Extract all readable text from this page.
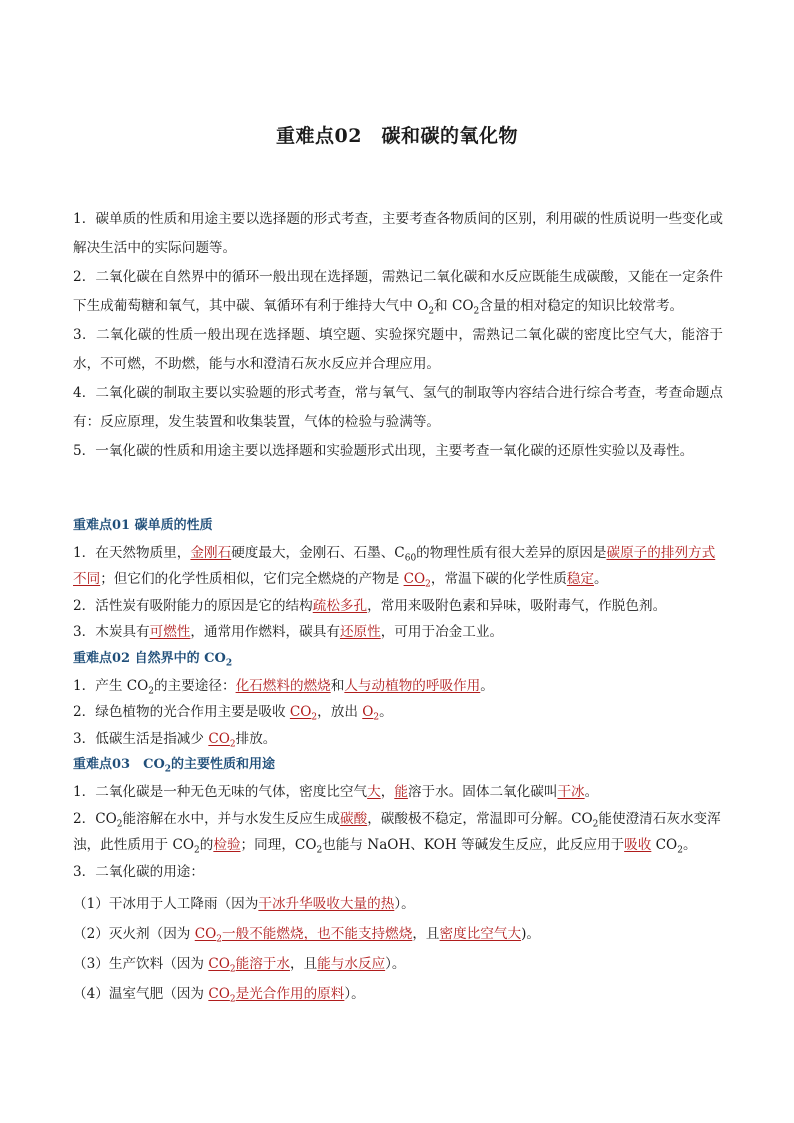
重难点02　碳和碳的氧化物

1．碳单质的性质和用途主要以选择题的形式考查，主要考查各物质间的区别，利用碳的性质说明一些变化或解决生活中的实际问题等。

2．二氧化碳在自然界中的循环一般出现在选择题，需熟记二氧化碳和水反应既能生成碳酸，又能在一定条件下生成葡萄糖和氧气，其中碳、氧循环有利于维持大气中 $O_2$和 $CO_2$含量的相对稳定的知识比较常考。

3．二氧化碳的性质一般出现在选择题、填空题、实验探究题中，需熟记二氧化碳的密度比空气大，能溶于水，不可燃，不助燃，能与水和澄清石灰水反应并合理应用。

4．二氧化碳的制取主要以实验题的形式考查，常与氧气、氢气的制取等内容结合进行综合考查，考查命题点有：反应原理，发生装置和收集装置，气体的检验与验满等。

5．一氧化碳的性质和用途主要以选择题和实验题形式出现，主要考查一氧化碳的还原性实验以及毒性。

重难点01 碳单质的性质

1．在天然物质里，金刚石硬度最大，金刚石、石墨、$C_{60}$的物理性质有很大差异的原因是碳原子的排列方式不同；但它们的化学性质相似，它们完全燃烧的产物是 $CO_2$，常温下碳的化学性质稳定。

2．活性炭有吸附能力的原因是它的结构疏松多孔，常用来吸附色素和异味，吸附毒气，作脱色剂。

3．木炭具有可燃性，通常用作燃料，碳具有还原性，可用于冶金工业。

重难点02 自然界中的 $CO_2$

1．产生 $CO_2$的主要途径：化石燃料的燃烧和人与动植物的呼吸作用。

2．绿色植物的光合作用主要是吸收 $CO_2$，放出 $O_2$。

3．低碳生活是指减少 $CO_2$排放。

重难点03　$CO_2$的主要性质和用途

1．二氧化碳是一种无色无味的气体，密度比空气大，能溶于水。固体二氧化碳叫干冰。

2．$CO_2$能溶解在水中，并与水发生反应生成碳酸，碳酸极不稳定，常温即可分解。$CO_2$能使澄清石灰水变浑浊，此性质用于 $CO_2$的检验；同理，$CO_2$也能与 NaOH、KOH 等碱发生反应，此反应用于吸收 $CO_2$。

3．二氧化碳的用途：

（1）干冰用于人工降雨（因为干冰升华吸收大量的热）。

（2）灭火剂（因为 $CO_2$一般不能燃烧，也不能支持燃烧，且密度比空气大)。

（3）生产饮料（因为 $CO_2$能溶于水，且能与水反应）。

（4）温室气肥（因为 $CO_2$是光合作用的原料）。
